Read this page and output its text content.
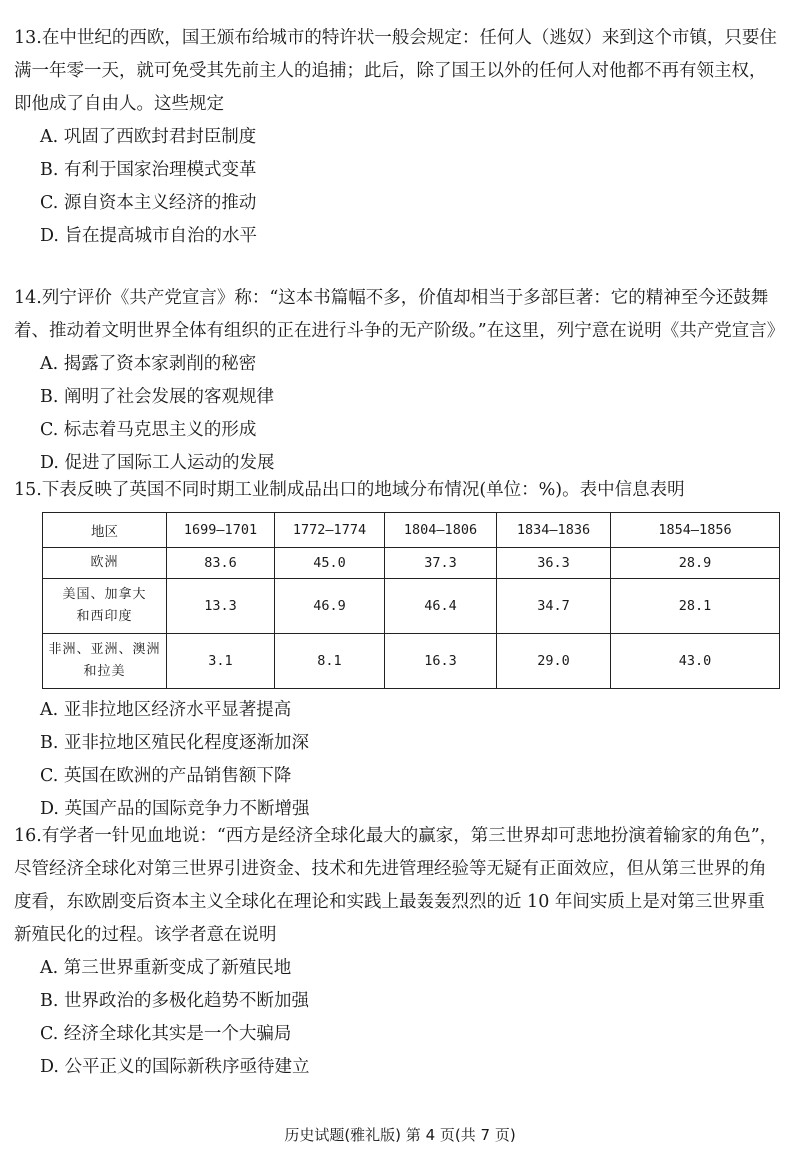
13.在中世纪的西欧，国王颁布给城市的特许状一般会规定：任何人（逃奴）来到这个市镇，只要住满一年零一天，就可免受其先前主人的追捕；此后，除了国王以外的任何人对他都不再有领主权，即他成了自由人。这些规定

A. 巩固了西欧封君封臣制度

B. 有利于国家治理模式变革

C. 源自资本主义经济的推动

D. 旨在提高城市自治的水平

14.列宁评价《共产党宣言》称：“这本书篇幅不多，价值却相当于多部巨著：它的精神至今还鼓舞着、推动着文明世界全体有组织的正在进行斗争的无产阶级。”在这里，列宁意在说明《共产党宣言》

A. 揭露了资本家剥削的秘密

B. 阐明了社会发展的客观规律

C. 标志着马克思主义的形成

D. 促进了国际工人运动的发展

15.下表反映了英国不同时期工业制成品出口的地域分布情况(单位：%)。表中信息表明

地区	1699—1701	1772—1774	1804—1806	1834—1836	1854—1856
欧洲	83.6	45.0	37.3	36.3	28.9
美国、加拿大
和西印度	13.3	46.9	46.4	34.7	28.1
非洲、亚洲、澳洲
和拉美	3.1	8.1	16.3	29.0	43.0

A. 亚非拉地区经济水平显著提高

B. 亚非拉地区殖民化程度逐渐加深

C. 英国在欧洲的产品销售额下降

D. 英国产品的国际竞争力不断增强

16.有学者一针见血地说：“西方是经济全球化最大的赢家，第三世界却可悲地扮演着输家的角色”，尽管经济全球化对第三世界引进资金、技术和先进管理经验等无疑有正面效应，但从第三世界的角度看，东欧剧变后资本主义全球化在理论和实践上最轰轰烈烈的近 10 年间实质上是对第三世界重新殖民化的过程。该学者意在说明

A. 第三世界重新变成了新殖民地

B. 世界政治的多极化趋势不断加强

C. 经济全球化其实是一个大骗局

D. 公平正义的国际新秩序亟待建立

历史试题(雅礼版) 第 4 页(共 7 页)
